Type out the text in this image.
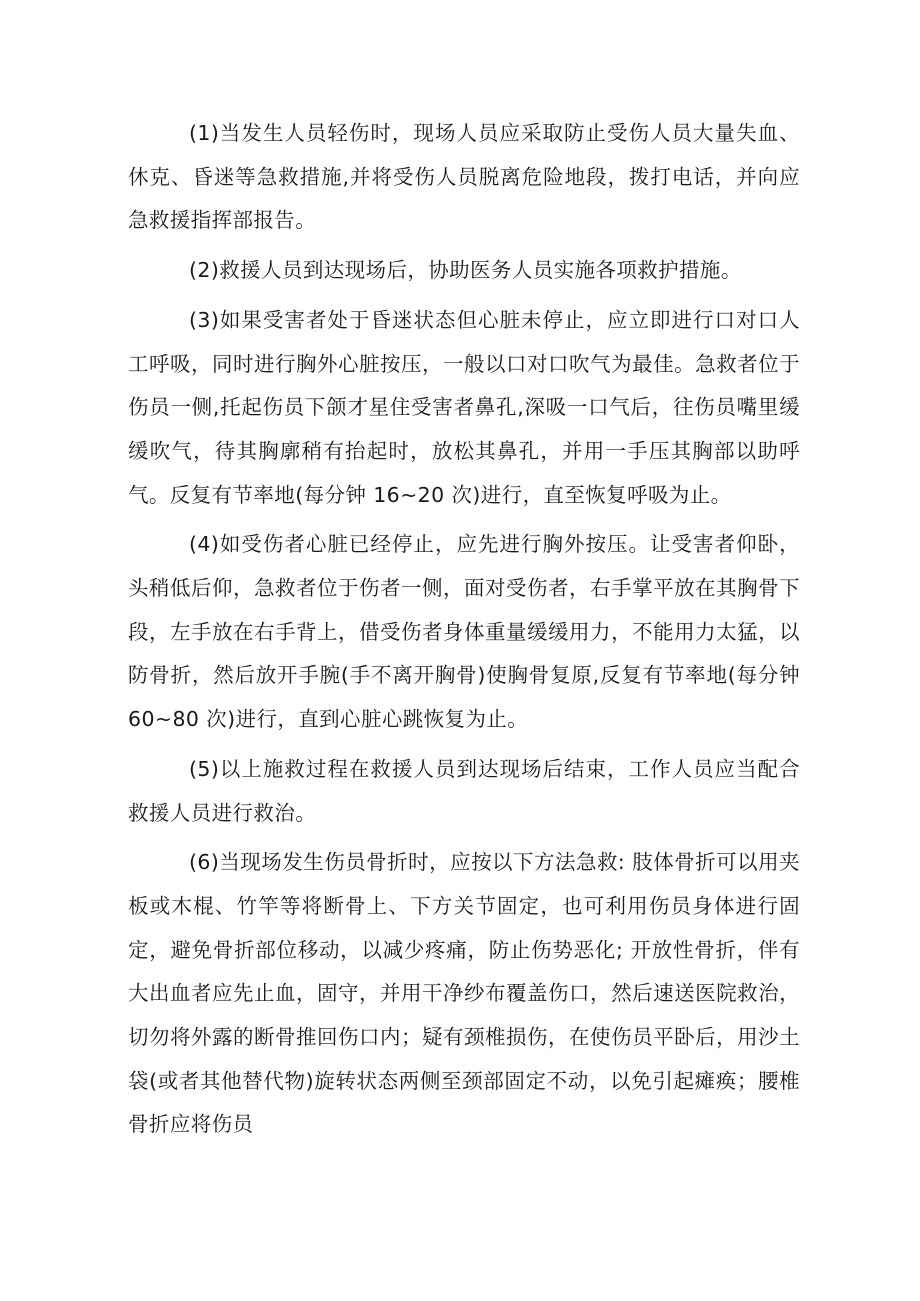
(1)当发生人员轻伤时，现场人员应采取防止受伤人员大量失血、休克、昏迷等急救措施,并将受伤人员脱离危险地段，拨打电话，并向应急救援指挥部报告。

(2)救援人员到达现场后，协助医务人员实施各项救护措施。

(3)如果受害者处于昏迷状态但心脏未停止，应立即进行口对口人工呼吸，同时进行胸外心脏按压，一般以口对口吹气为最佳。急救者位于伤员一侧,托起伤员下颌才星住受害者鼻孔,深吸一口气后，往伤员嘴里缓缓吹气，待其胸廓稍有抬起时，放松其鼻孔，并用一手压其胸部以助呼气。反复有节率地(每分钟 16~20 次)进行，直至恢复呼吸为止。

(4)如受伤者心脏已经停止，应先进行胸外按压。让受害者仰卧，头稍低后仰，急救者位于伤者一侧，面对受伤者，右手掌平放在其胸骨下段，左手放在右手背上，借受伤者身体重量缓缓用力，不能用力太猛，以防骨折，然后放开手腕(手不离开胸骨)使胸骨复原,反复有节率地(每分钟 60~80 次)进行，直到心脏心跳恢复为止。

(5)以上施救过程在救援人员到达现场后结束，工作人员应当配合救援人员进行救治。

(6)当现场发生伤员骨折时，应按以下方法急救: 肢体骨折可以用夹板或木棍、竹竿等将断骨上、下方关节固定，也可利用伤员身体进行固定，避免骨折部位移动，以减少疼痛，防止伤势恶化; 开放性骨折，伴有大出血者应先止血，固守，并用干净纱布覆盖伤口，然后速送医院救治，切勿将外露的断骨推回伤口内；疑有颈椎损伤，在使伤员平卧后，用沙土袋(或者其他替代物)旋转状态两侧至颈部固定不动，以免引起瘫痪；腰椎骨折应将伤员
